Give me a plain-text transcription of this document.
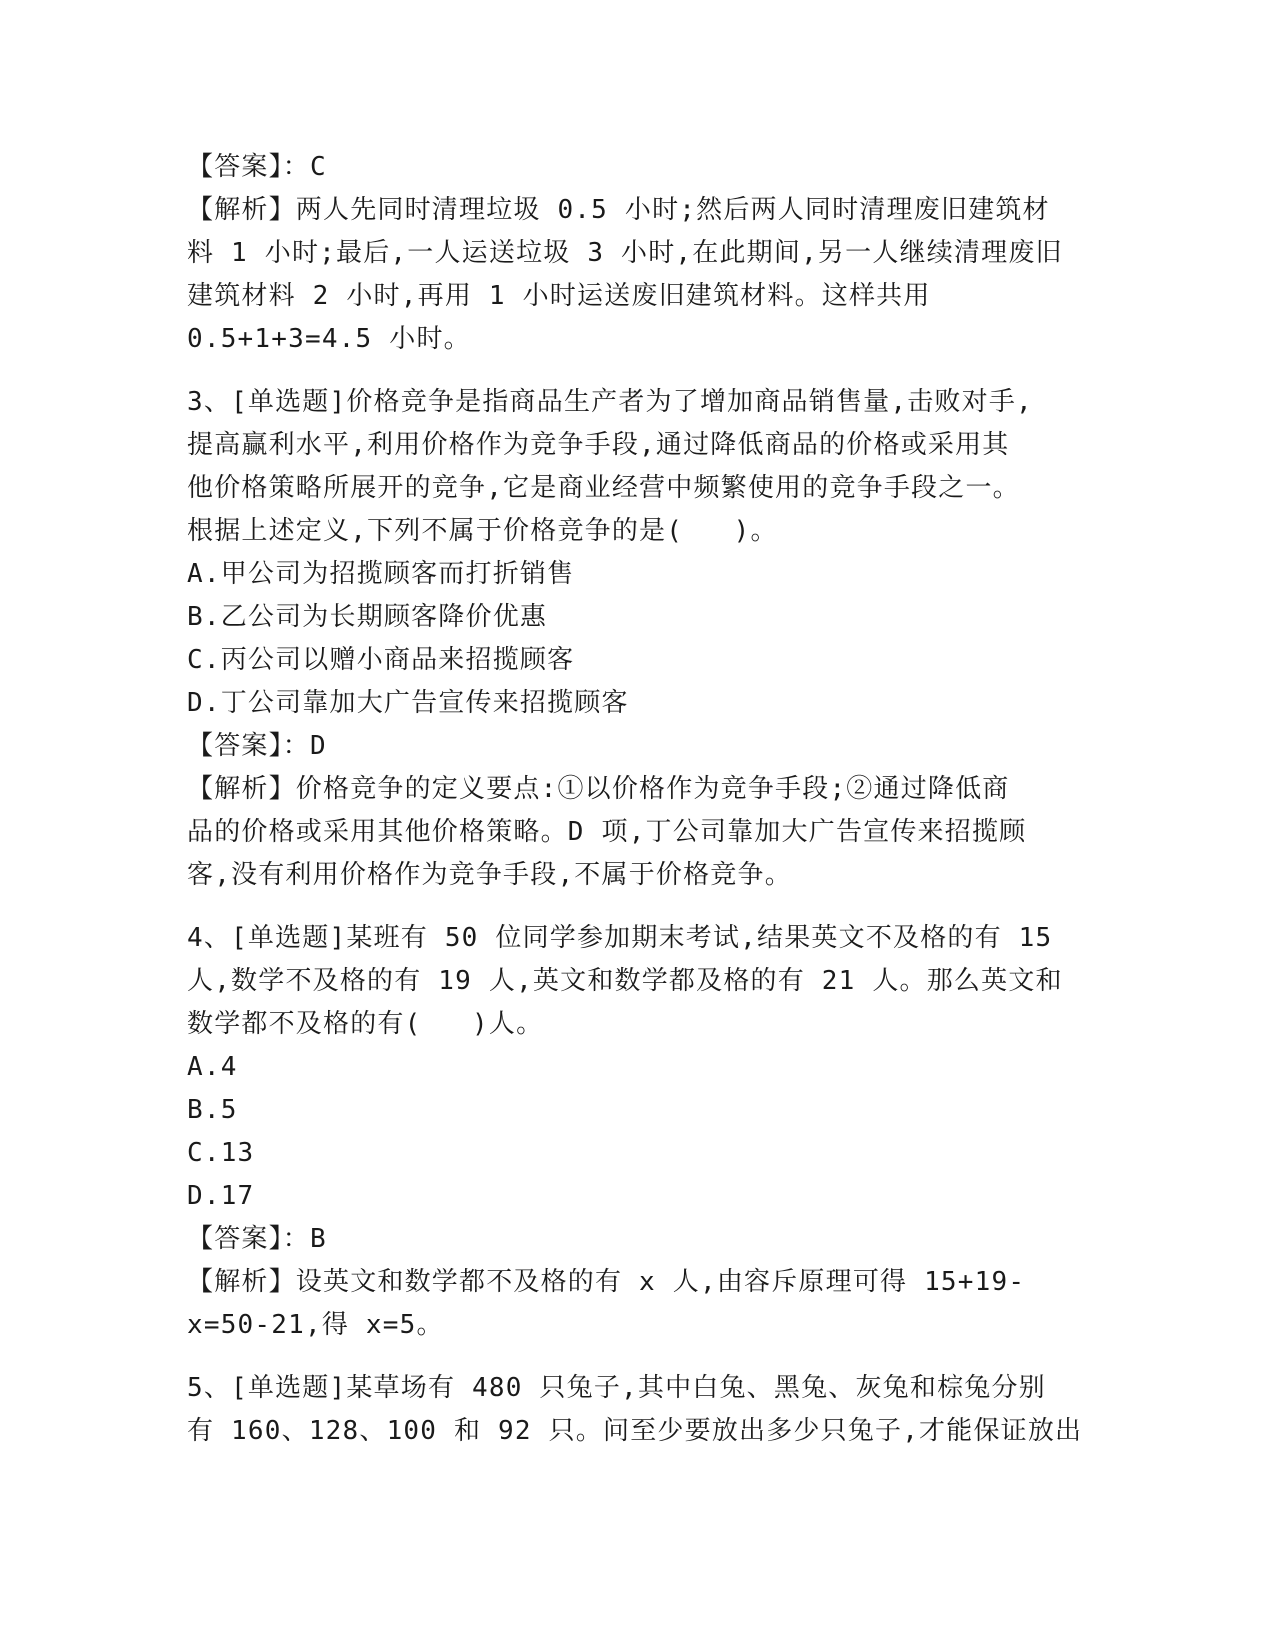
【答案】：C
【解析】两人先同时清理垃圾 0.5 小时;然后两人同时清理废旧建筑材
料 1 小时;最后,一人运送垃圾 3 小时,在此期间,另一人继续清理废旧
建筑材料 2 小时,再用 1 小时运送废旧建筑材料。这样共用
0.5+1+3=4.5 小时。
3、[单选题]价格竞争是指商品生产者为了增加商品销售量,击败对手,
提高赢利水平,利用价格作为竞争手段,通过降低商品的价格或采用其
他价格策略所展开的竞争,它是商业经营中频繁使用的竞争手段之一。
根据上述定义,下列不属于价格竞争的是(   )。
A.甲公司为招揽顾客而打折销售
B.乙公司为长期顾客降价优惠
C.丙公司以赠小商品来招揽顾客
D.丁公司靠加大广告宣传来招揽顾客
【答案】：D
【解析】价格竞争的定义要点:①以价格作为竞争手段;②通过降低商
品的价格或采用其他价格策略。D 项,丁公司靠加大广告宣传来招揽顾
客,没有利用价格作为竞争手段,不属于价格竞争。
4、[单选题]某班有 50 位同学参加期末考试,结果英文不及格的有 15
人,数学不及格的有 19 人,英文和数学都及格的有 21 人。那么英文和
数学都不及格的有(   )人。
A.4
B.5
C.13
D.17
【答案】：B
【解析】设英文和数学都不及格的有 x 人,由容斥原理可得 15+19-
x=50-21,得 x=5。
5、[单选题]某草场有 480 只兔子,其中白兔、黑兔、灰兔和棕兔分别
有 160、128、100 和 92 只。问至少要放出多少只兔子,才能保证放出
